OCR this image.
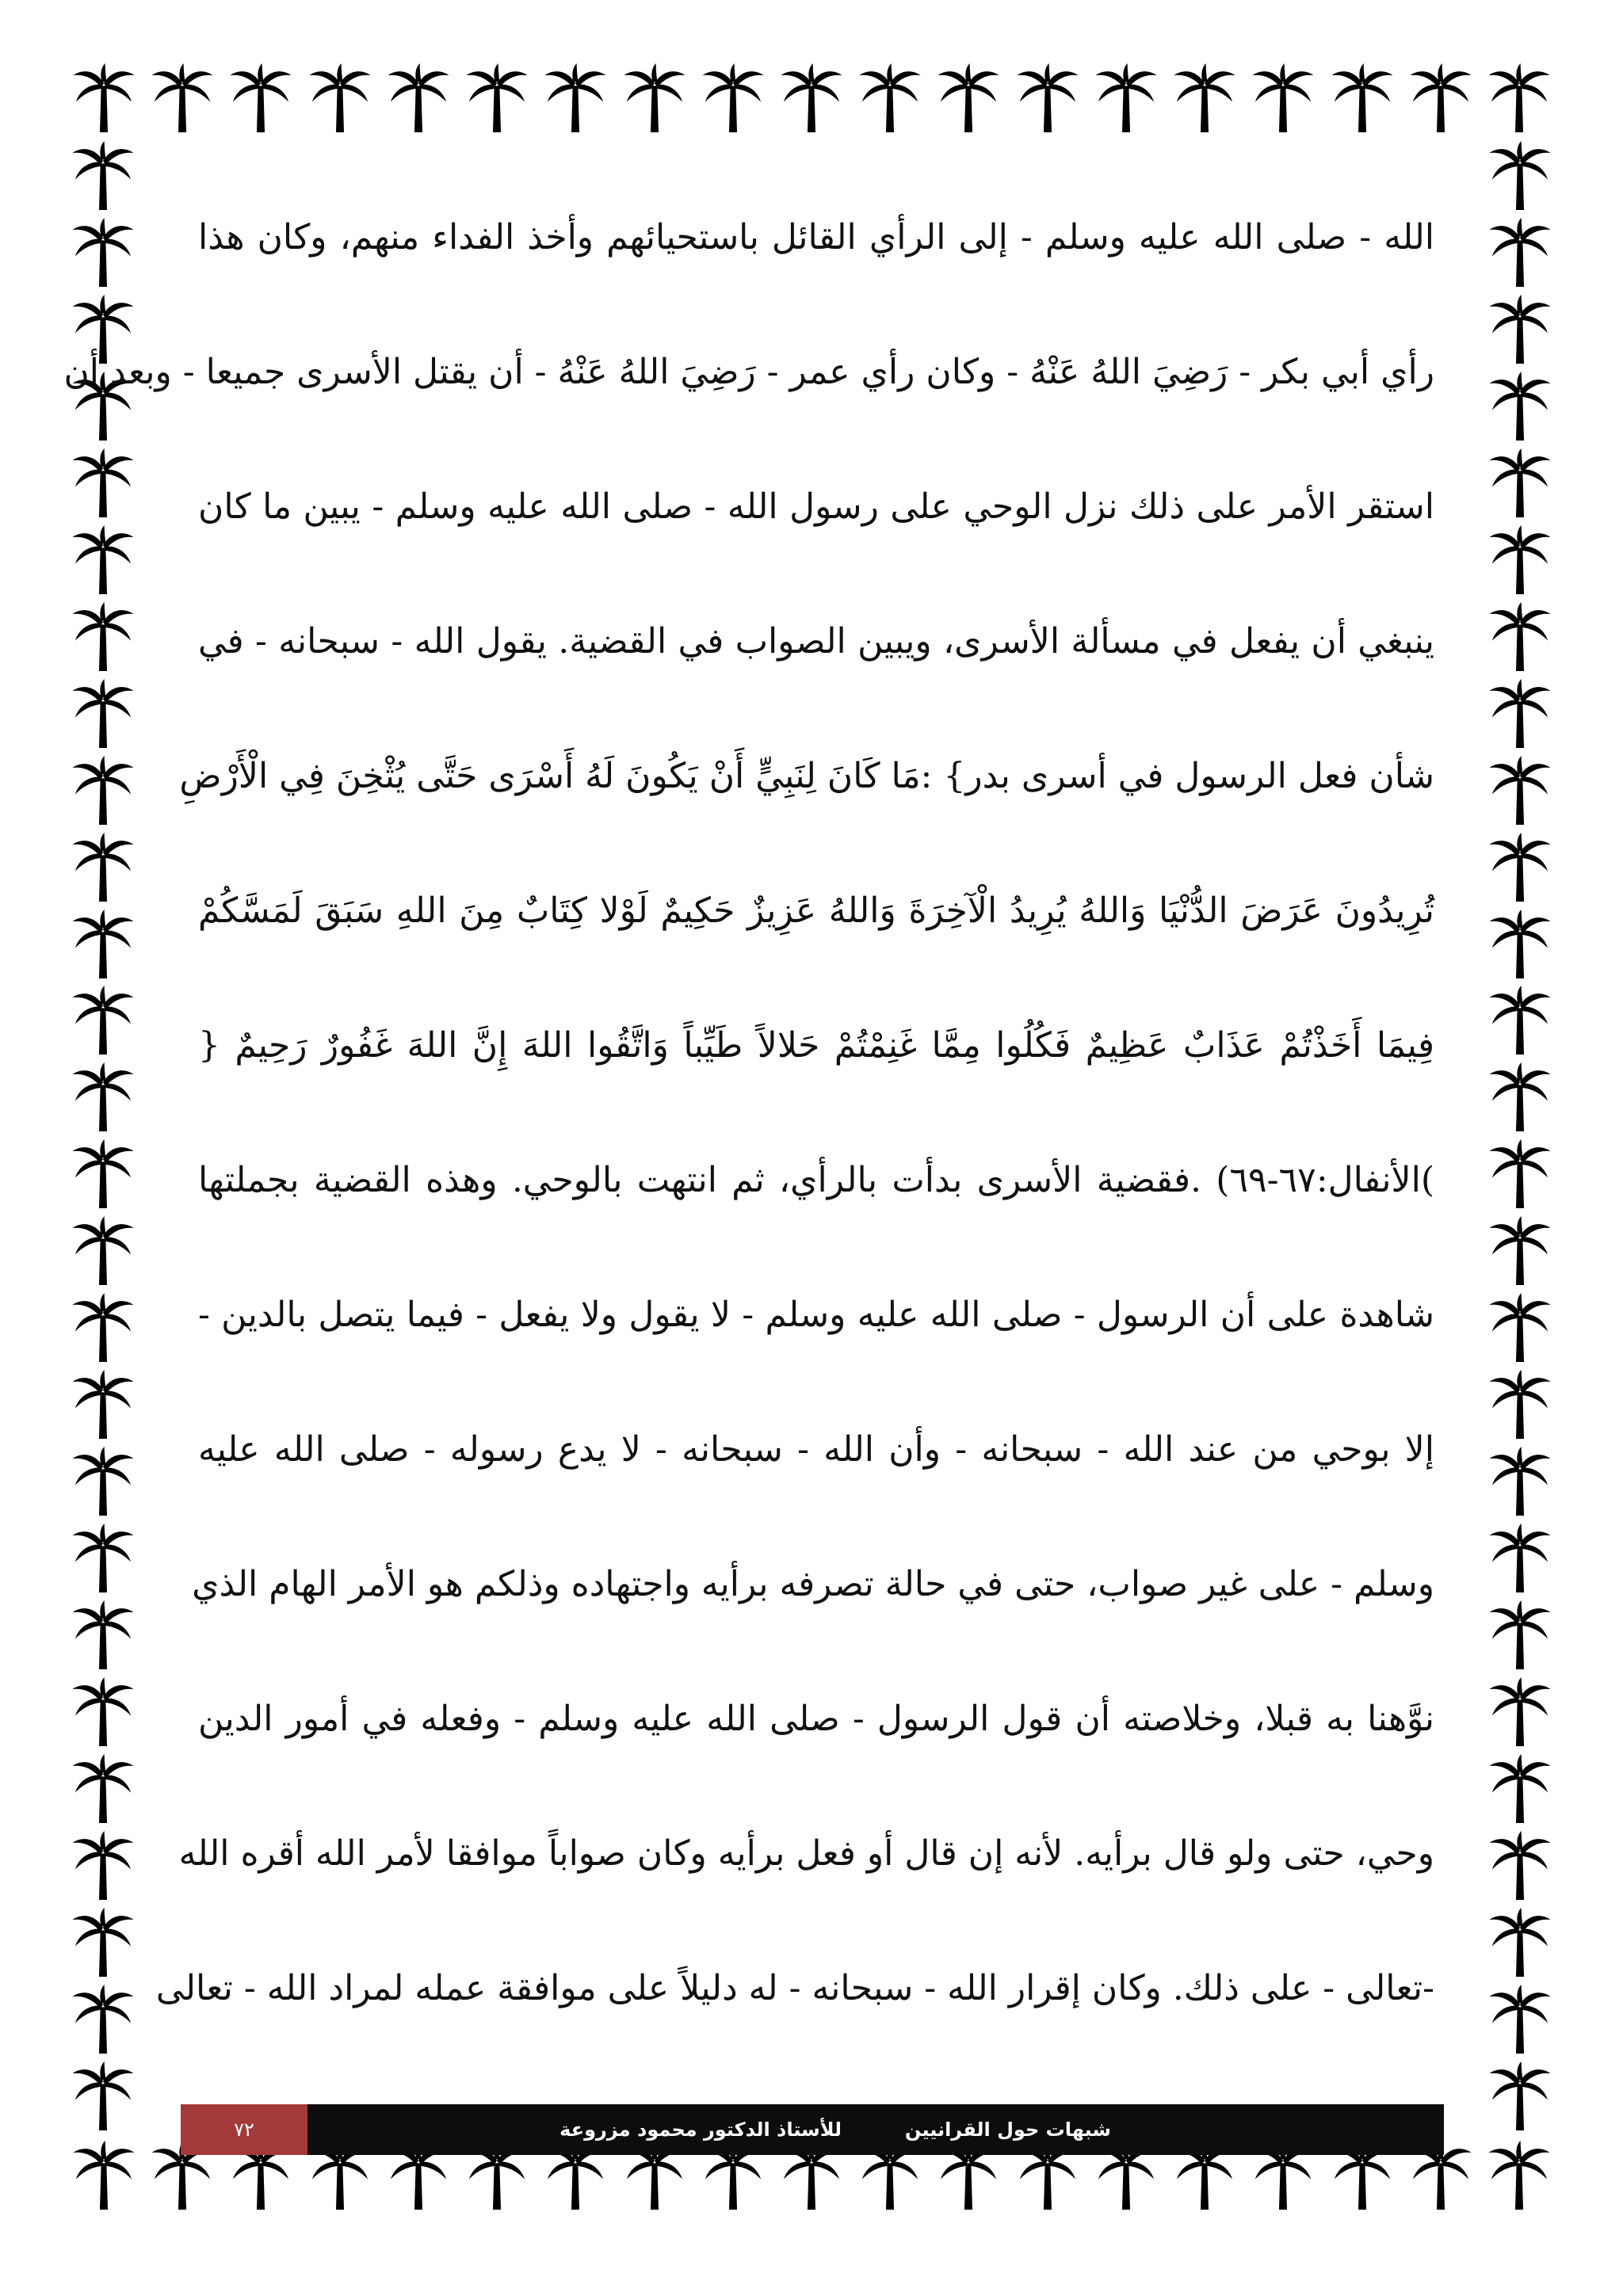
الله - صلى الله عليه وسلم - إلى الرأي القائل باستحيائهم وأخذ الفداء منهم، وكان هذا
رأي أبي بكر - رَضِيَ اللهُ عَنْهُ - وكان رأي عمر - رَضِيَ اللهُ عَنْهُ - أن يقتل الأسرى جميعا - وبعد أن
استقر الأمر على ذلك نزل الوحي على رسول الله - صلى الله عليه وسلم - يبين ما كان
ينبغي أن يفعل في مسألة الأسرى، ويبين الصواب في القضية. يقول الله - سبحانه - في
شأن فعل الرسول في أسرى بدر} :مَا كَانَ لِنَبِيٍّ أَنْ يَكُونَ لَهُ أَسْرَى حَتَّى يُثْخِنَ فِي الْأَرْضِ
تُرِيدُونَ عَرَضَ الدُّنْيَا وَاللهُ يُرِيدُ الْآخِرَةَ وَاللهُ عَزِيزٌ حَكِيمٌ لَوْلا كِتَابٌ مِنَ اللهِ سَبَقَ لَمَسَّكُمْ
فِيمَا أَخَذْتُمْ عَذَابٌ عَظِيمٌ فَكُلُوا مِمَّا غَنِمْتُمْ حَلالاً طَيِّباً وَاتَّقُوا اللهَ إِنَّ اللهَ غَفُورٌ رَحِيمٌ {
)الأنفال:٦٧-٦٩) .فقضية الأسرى بدأت بالرأي، ثم انتهت بالوحي. وهذه القضية بجملتها
شاهدة على أن الرسول - صلى الله عليه وسلم - لا يقول ولا يفعل - فيما يتصل بالدين -
إلا بوحي من عند الله - سبحانه - وأن الله - سبحانه - لا يدع رسوله - صلى الله عليه
وسلم - على غير صواب، حتى في حالة تصرفه برأيه واجتهاده وذلكم هو الأمر الهام الذي
نوَّهنا به قبلا، وخلاصته أن قول الرسول - صلى الله عليه وسلم - وفعله في أمور الدين
وحي، حتى ولو قال برأيه. لأنه إن قال أو فعل برأيه وكان صواباً موافقا لأمر الله أقره الله
-تعالى - على ذلك. وكان إقرار الله - سبحانه - له دليلاً على موافقة عمله لمراد الله - تعالى
شبهات حول القرانيين
للأستاذ الدكتور محمود مزروعة
٧٢
